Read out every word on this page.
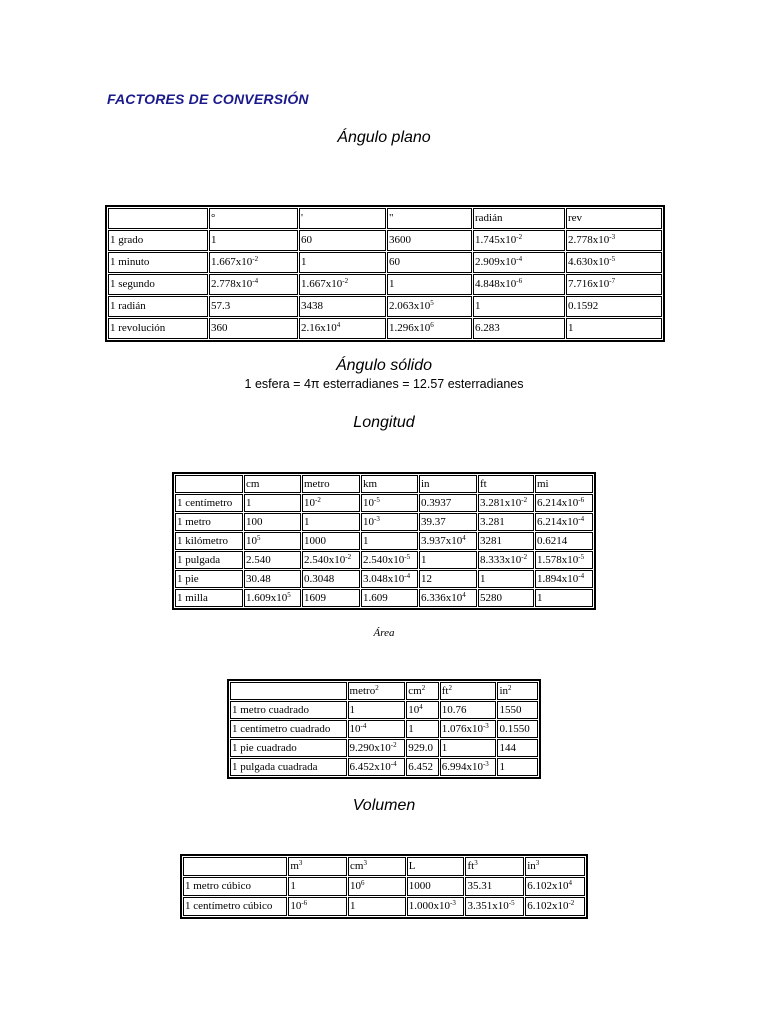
FACTORES DE CONVERSIÓN
Ángulo plano
	°	'	"	radián	rev
1 grado	1	60	3600	$1.745x10^{-2}$	$2.778x10^{-3}$
1 minuto	$1.667x10^{-2}$	1	60	$2.909x10^{-4}$	$4.630x10^{-5}$
1 segundo	$2.778x10^{-4}$	$1.667x10^{-2}$	1	$4.848x10^{-6}$	$7.716x10^{-7}$
1 radián	57.3	3438	$2.063x10^5$	1	0.1592
1 revolución	360	$2.16x10^4$	$1.296x10^6$	6.283	1
Ángulo sólido
1 esfera = 4π esterradianes = 12.57 esterradianes
Longitud
	cm	metro	km	in	ft	mi
1 centímetro	1	$10^{-2}$	$10^{-5}$	0.3937	$3.281x10^{-2}$	$6.214x10^{-6}$
1 metro	100	1	$10^{-3}$	39.37	3.281	$6.214x10^{-4}$
1 kilómetro	$10^5$	1000	1	$3.937x10^4$	3281	0.6214
1 pulgada	2.540	$2.540x10^{-2}$	$2.540x10^{-5}$	1	$8.333x10^{-2}$	$1.578x10^{-5}$
1 pie	30.48	0.3048	$3.048x10^{-4}$	12	1	$1.894x10^{-4}$
1 milla	$1.609x10^5$	1609	1.609	$6.336x10^4$	5280	1
Área
	metro$^2$	$cm^2$	$ft^2$	$in^2$
1 metro cuadrado	1	$10^4$	10.76	1550
1 centímetro cuadrado	$10^{-4}$	1	$1.076x10^{-3}$	0.1550
1 pie cuadrado	$9.290x10^{-2}$	929.0	1	144
1 pulgada cuadrada	$6.452x10^{-4}$	6.452	$6.994x10^{-3}$	1
Volumen
	$m^3$	$cm^3$	L	$ft^3$	$in^3$
1 metro cúbico	1	$10^6$	1000	35.31	$6.102x10^4$
1 centímetro cúbico	$10^{-6}$	1	$1.000x10^{-3}$	$3.351x10^{-5}$	$6.102x10^{-2}$
